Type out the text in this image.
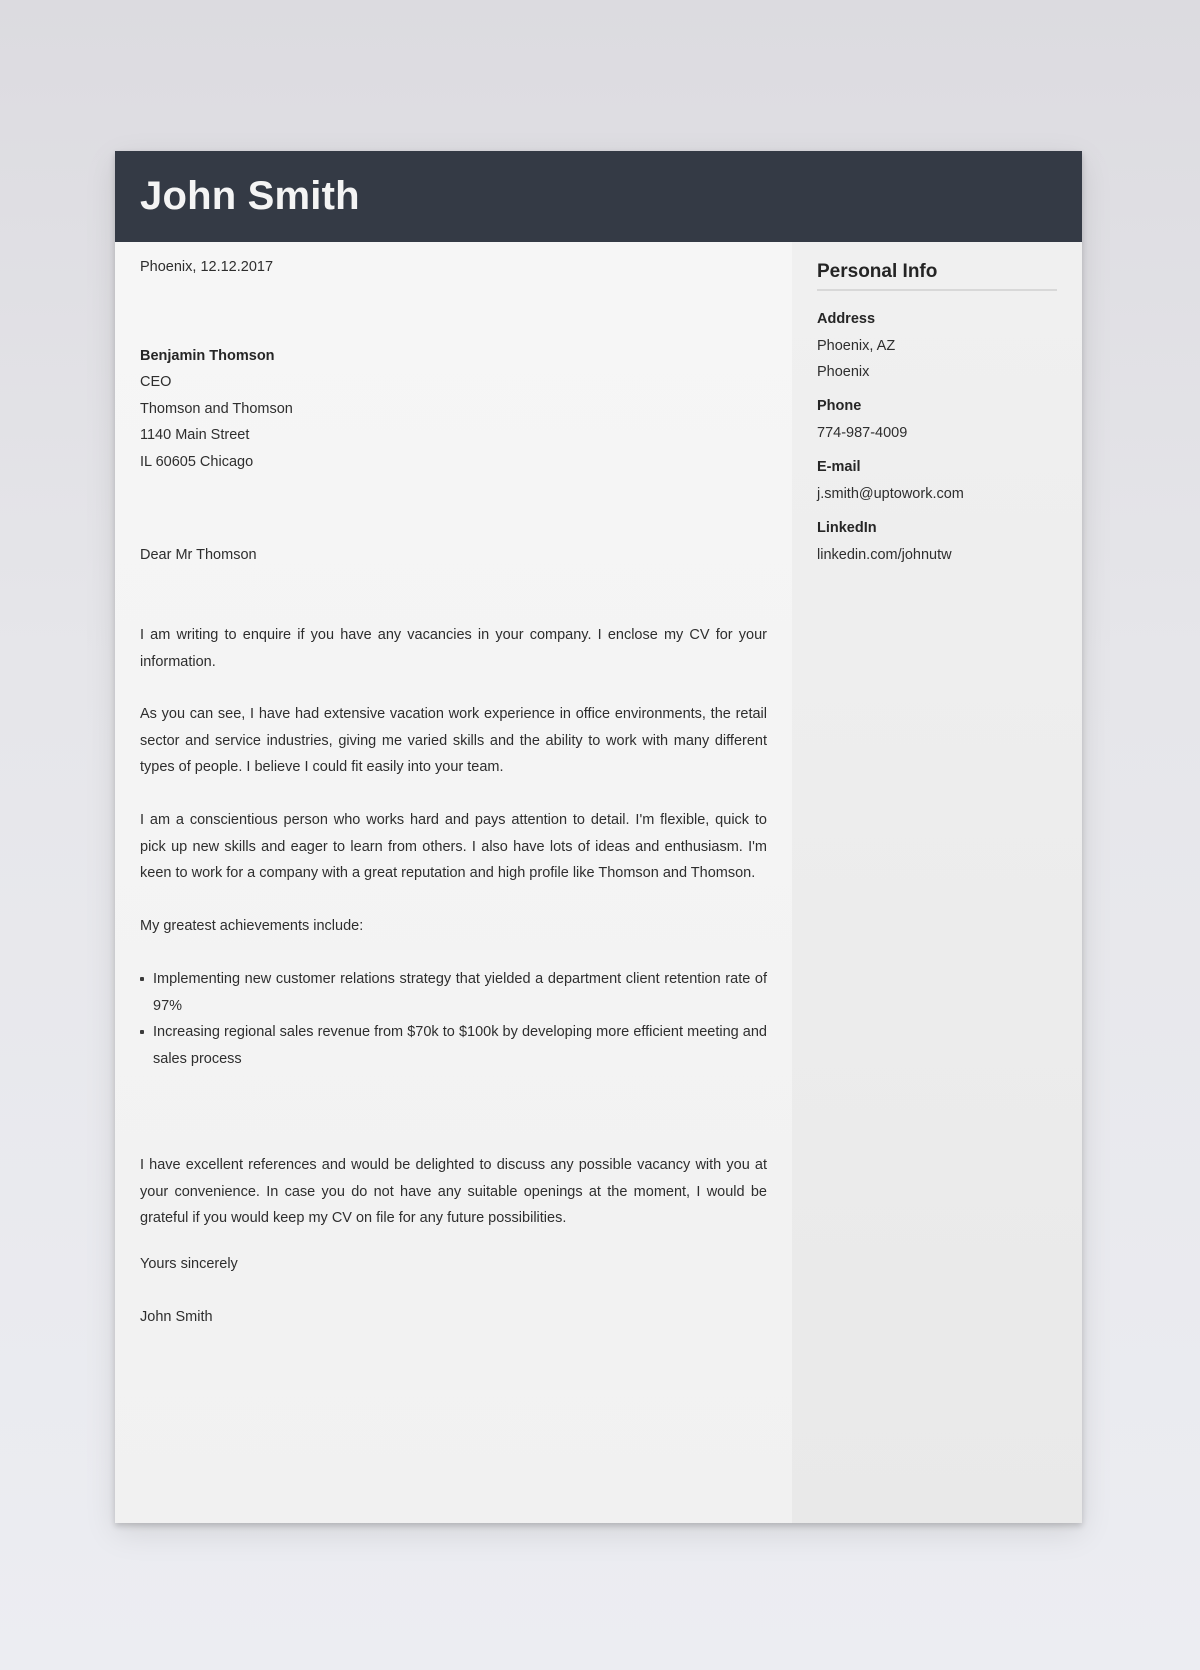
John Smith
Phoenix, 12.12.2017
Benjamin Thomson
CEO
Thomson and Thomson
1140 Main Street
IL 60605 Chicago
Dear Mr Thomson

I am writing to enquire if you have any vacancies in your company. I enclose my CV for your information.

As you can see, I have had extensive vacation work experience in office environments, the retail sector and service industries, giving me varied skills and the ability to work with many different types of people. I believe I could fit easily into your team.

I am a conscientious person who works hard and pays attention to detail. I'm flexible, quick to pick up new skills and eager to learn from others. I also have lots of ideas and enthusiasm. I'm keen to work for a company with a great reputation and high profile like Thomson and Thomson.

My greatest achievements include:

Implementing new customer relations strategy that yielded a department client retention rate of 97%
Increasing regional sales revenue from $70k to $100k by developing more efficient meeting and sales process

I have excellent references and would be delighted to discuss any possible vacancy with you at your convenience. In case you do not have any suitable openings at the moment, I would be grateful if you would keep my CV on file for any future possibilities.

Yours sincerely
John Smith
Personal Info
Address
Phoenix, AZ
Phoenix
Phone
774-987-4009
E-mail
j.smith@uptowork.com
LinkedIn
linkedin.com/johnutw
